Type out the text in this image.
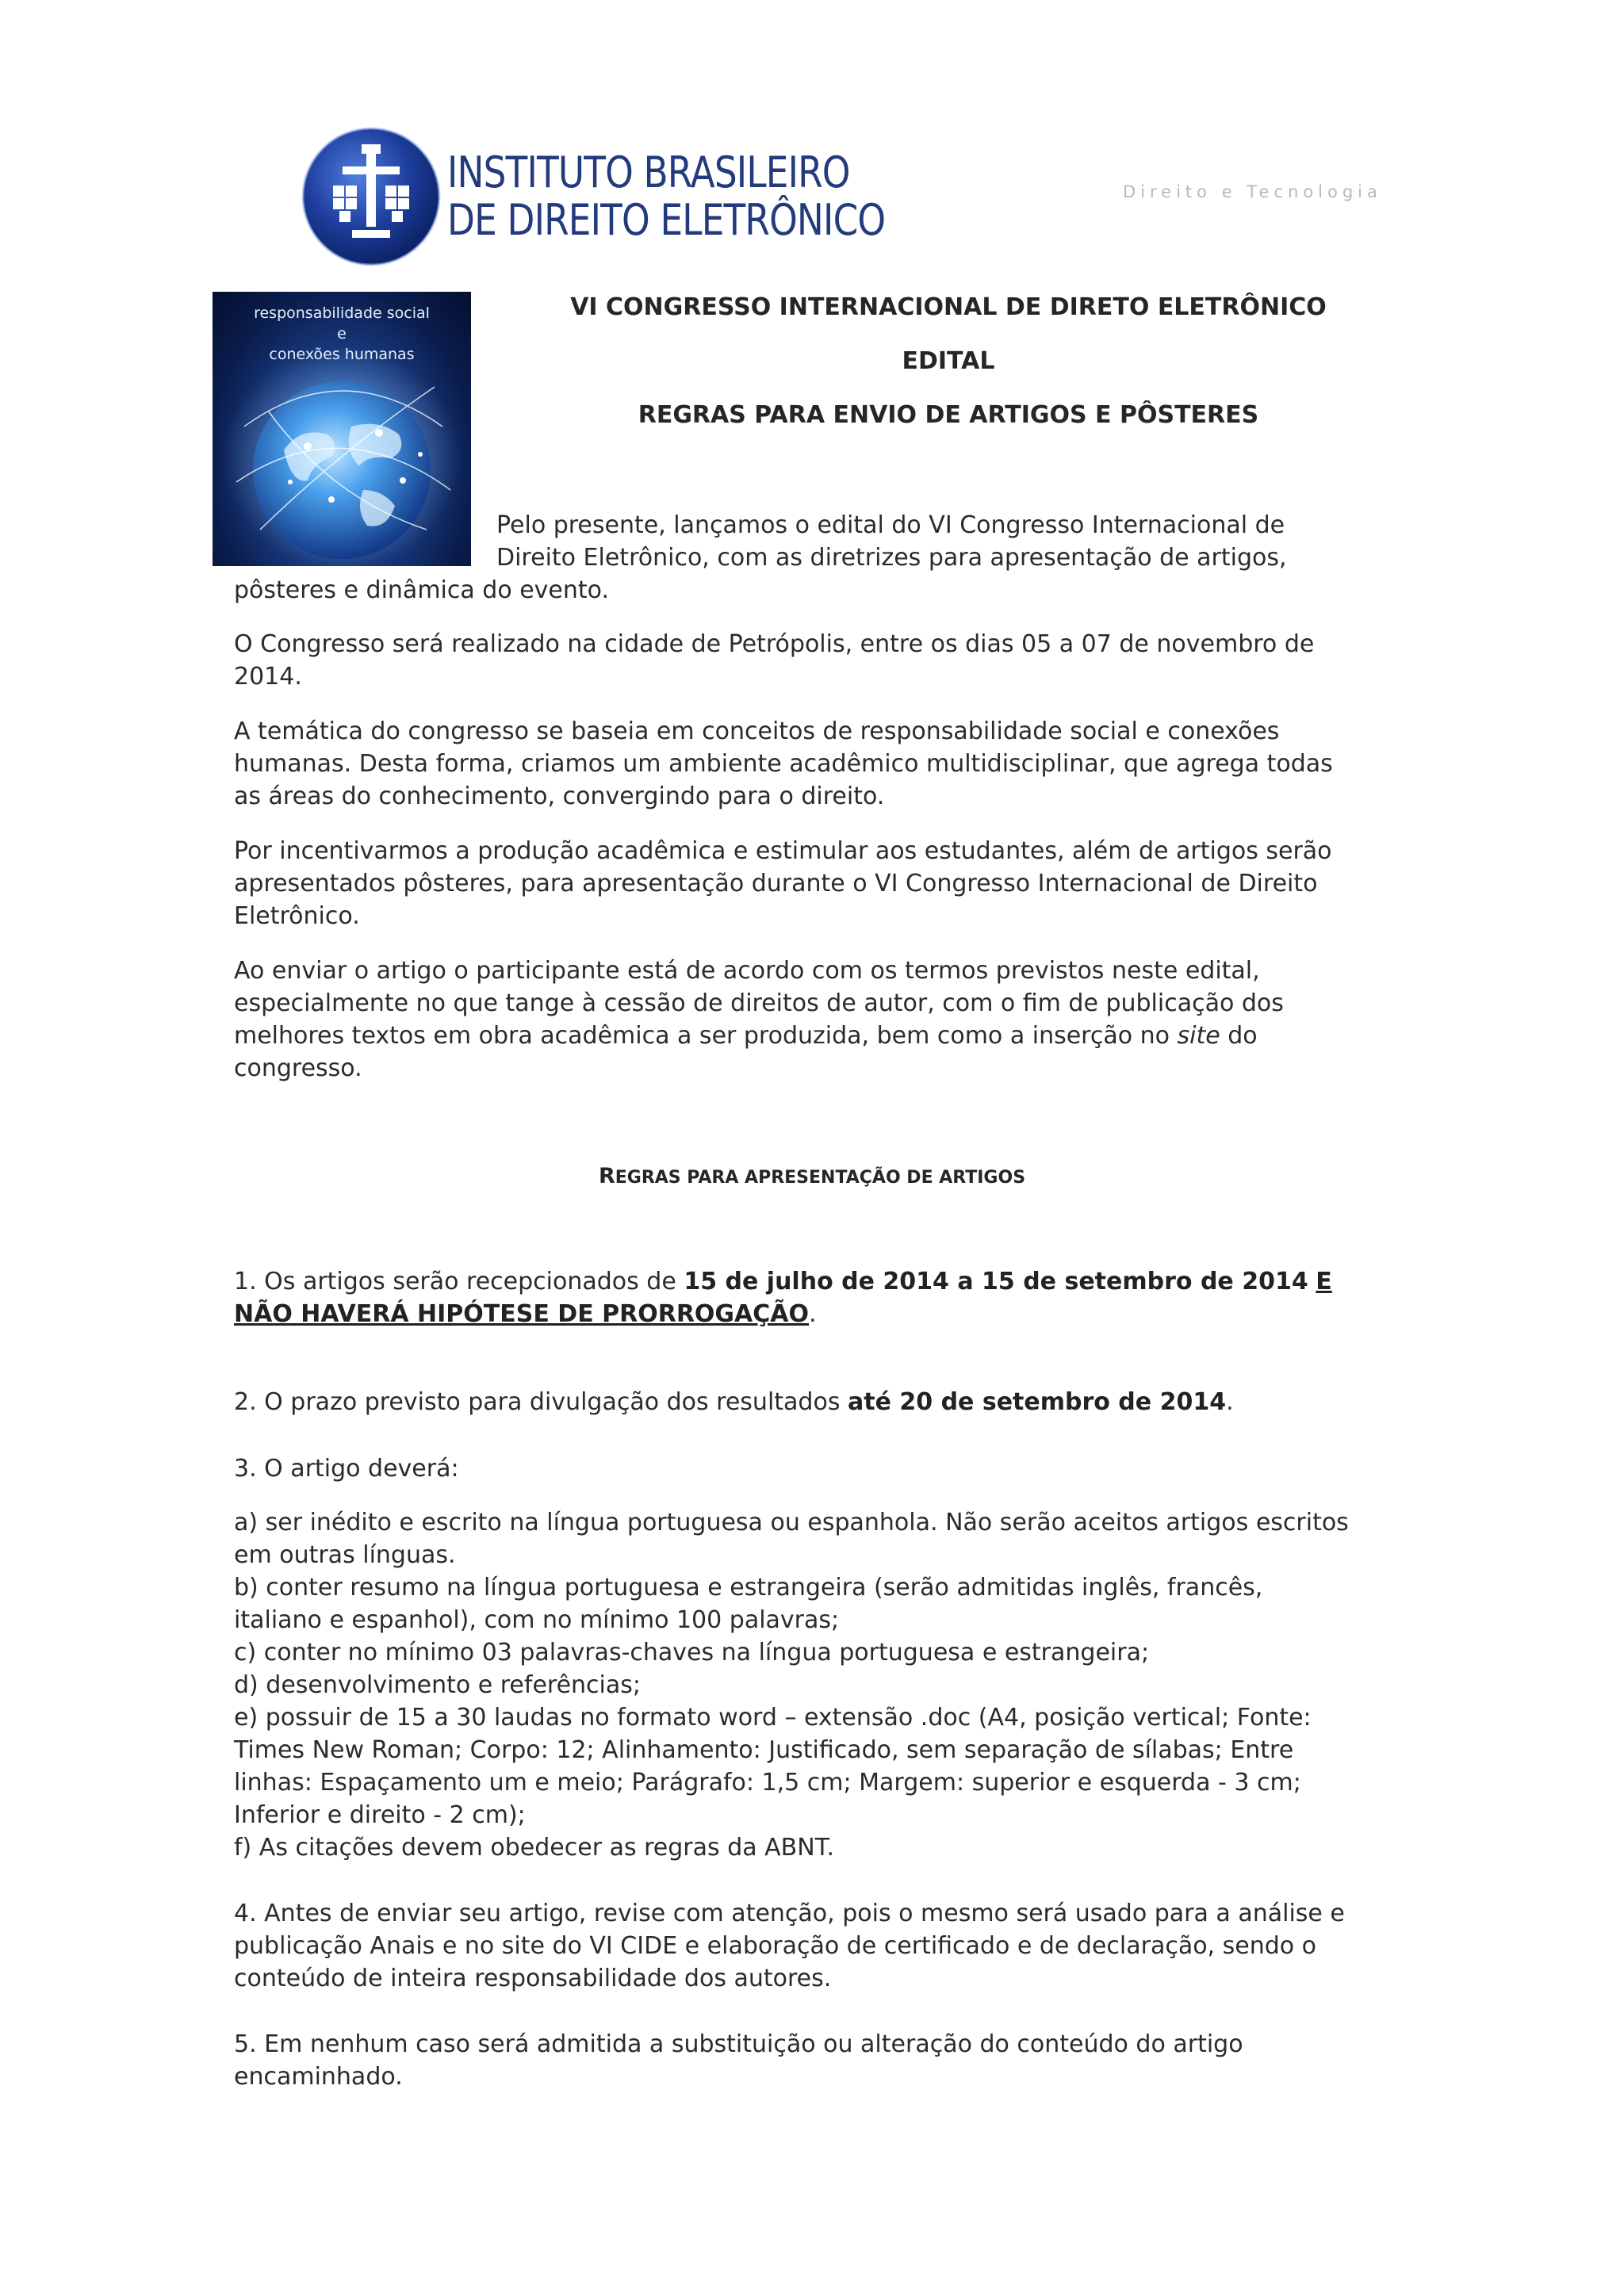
INSTITUTO BRASILEIRO
DE DIREITO ELETRÔNICO
Direito e Tecnologia
responsabilidade social
e
conexões humanas
VI CONGRESSO INTERNACIONAL DE DIRETO ELETRÔNICO
EDITAL
REGRAS PARA ENVIO DE ARTIGOS E PÔSTERES
Pelo presente, lançamos o edital do VI Congresso Internacional de
Direito Eletrônico, com as diretrizes para apresentação de artigos,
pôsteres e dinâmica do evento.
O Congresso será realizado na cidade de Petrópolis, entre os dias 05 a 07 de novembro de
2014.
A temática do congresso se baseia em conceitos de responsabilidade social e conexões
humanas. Desta forma, criamos um ambiente acadêmico multidisciplinar, que agrega todas
as áreas do conhecimento, convergindo para o direito.
Por incentivarmos a produção acadêmica e estimular aos estudantes, além de artigos serão
apresentados pôsteres, para apresentação durante o VI Congresso Internacional de Direito
Eletrônico.
Ao enviar o artigo o participante está de acordo com os termos previstos neste edital,
especialmente no que tange à cessão de direitos de autor, com o fim de publicação dos
melhores textos em obra acadêmica a ser produzida, bem como a inserção no site do
congresso.
REGRAS PARA APRESENTAÇÃO DE ARTIGOS
1. Os artigos serão recepcionados de 15 de julho de 2014 a 15 de setembro de 2014 E
NÃO HAVERÁ HIPÓTESE DE PRORROGAÇÃO.
2. O prazo previsto para divulgação dos resultados até 20 de setembro de 2014.
3. O artigo deverá:
a) ser inédito e escrito na língua portuguesa ou espanhola. Não serão aceitos artigos escritos
em outras línguas.
b) conter resumo na língua portuguesa e estrangeira (serão admitidas inglês, francês,
italiano e espanhol), com no mínimo 100 palavras;
c) conter no mínimo 03 palavras-chaves na língua portuguesa e estrangeira;
d) desenvolvimento e referências;
e) possuir de 15 a 30 laudas no formato word – extensão .doc (A4, posição vertical; Fonte:
Times New Roman; Corpo: 12; Alinhamento: Justificado, sem separação de sílabas; Entre
linhas: Espaçamento um e meio; Parágrafo: 1,5 cm; Margem: superior e esquerda - 3 cm;
Inferior e direito - 2 cm);
f) As citações devem obedecer as regras da ABNT.
4. Antes de enviar seu artigo, revise com atenção, pois o mesmo será usado para a análise e
publicação Anais e no site do VI CIDE e elaboração de certificado e de declaração, sendo o
conteúdo de inteira responsabilidade dos autores.
5. Em nenhum caso será admitida a substituição ou alteração do conteúdo do artigo
encaminhado.
